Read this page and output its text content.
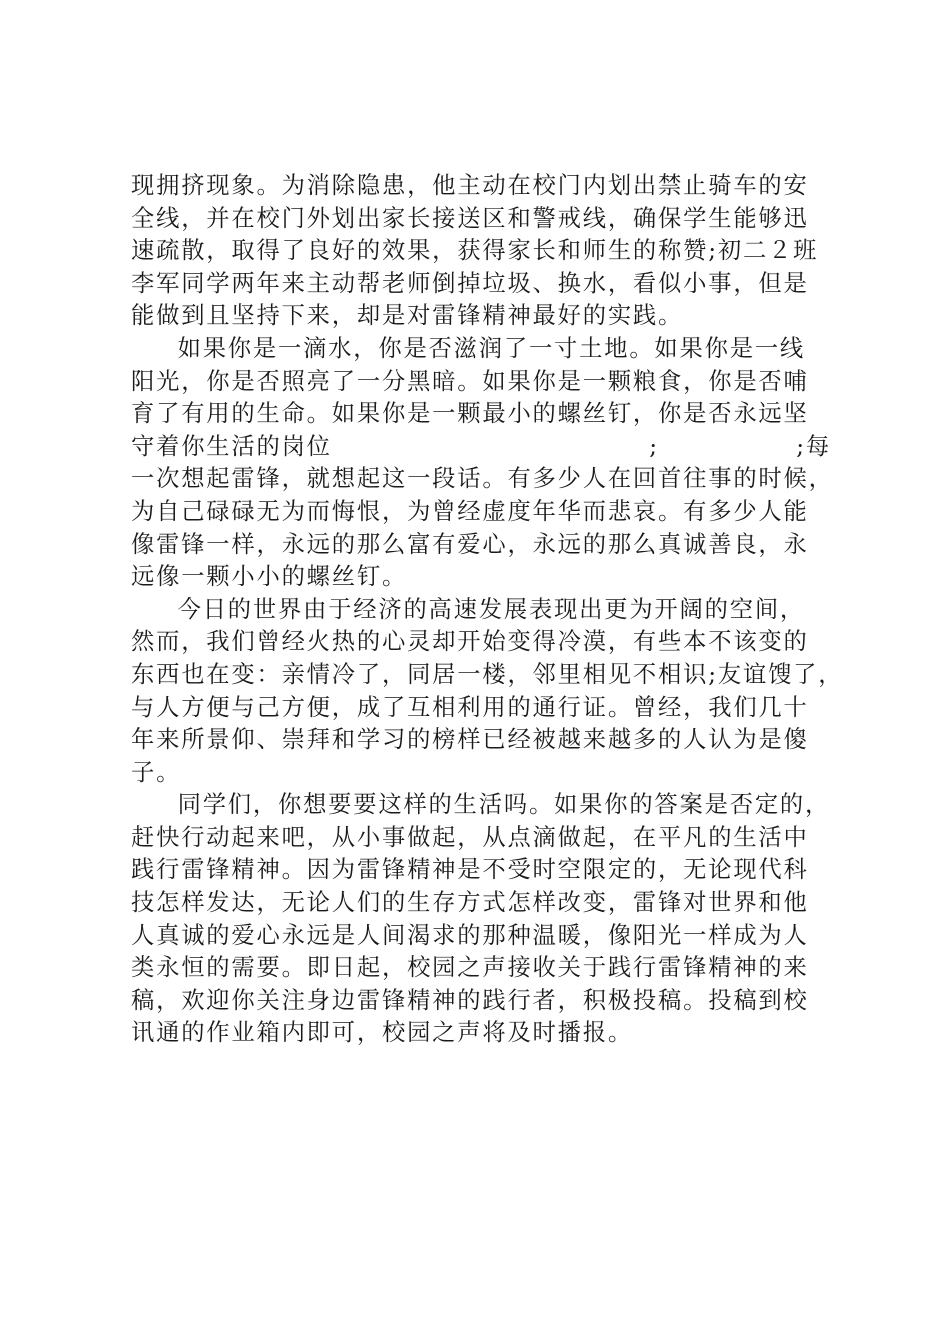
现拥挤现象。为消除隐患，他主动在校门内划出禁止骑车的安
全线，并在校门外划出家长接送区和警戒线，确保学生能够迅
速疏散，取得了良好的效果，获得家长和师生的称赞;初二２班
李军同学两年来主动帮老师倒掉垃圾、换水，看似小事，但是
能做到且坚持下来，却是对雷锋精神最好的实践。

如果你是一滴水，你是否滋润了一寸土地。如果你是一线
阳光，你是否照亮了一分黑暗。如果你是一颗粮食，你是否哺
育了有用的生命。如果你是一颗最小的螺丝钉，你是否永远坚
守着你生活的岗位	;	;每
一次想起雷锋，就想起这一段话。有多少人在回首往事的时候，
为自己碌碌无为而悔恨，为曾经虚度年华而悲哀。有多少人能
像雷锋一样，永远的那么富有爱心，永远的那么真诚善良，永
远像一颗小小的螺丝钉。

今日的世界由于经济的高速发展表现出更为开阔的空间，
然而，我们曾经火热的心灵却开始变得冷漠，有些本不该变的
东西也在变：亲情冷了，同居一楼，邻里相见不相识;友谊馊了，
与人方便与己方便，成了互相利用的通行证。曾经，我们几十
年来所景仰、崇拜和学习的榜样已经被越来越多的人认为是傻
子。

同学们，你想要要这样的生活吗。如果你的答案是否定的，
赶快行动起来吧，从小事做起，从点滴做起，在平凡的生活中
践行雷锋精神。因为雷锋精神是不受时空限定的，无论现代科
技怎样发达，无论人们的生存方式怎样改变，雷锋对世界和他
人真诚的爱心永远是人间渴求的那种温暖，像阳光一样成为人
类永恒的需要。即日起，校园之声接收关于践行雷锋精神的来
稿，欢迎你关注身边雷锋精神的践行者，积极投稿。投稿到校
讯通的作业箱内即可，校园之声将及时播报。
